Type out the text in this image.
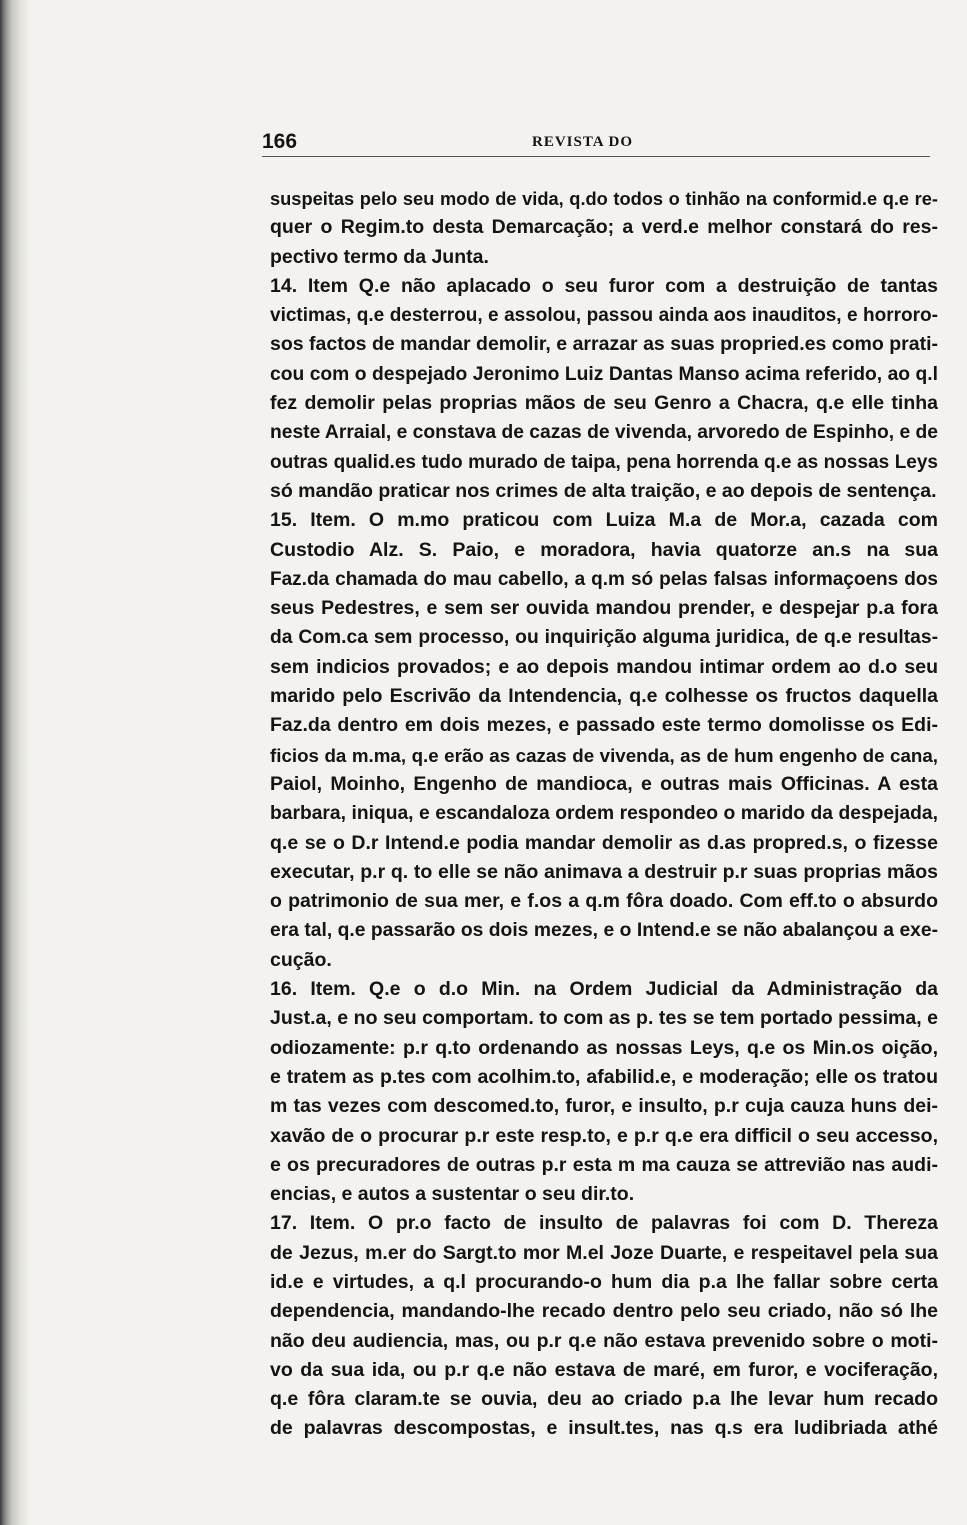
166	REVISTA DO
suspeitas pelo seu modo de vida, q.do todos o tinhão na conformid.e q.e re-
quer o Regim.to desta Demarcação; a verd.e melhor constará do res-
pectivo termo da Junta.
14. Item Q.e não aplacado o seu furor com a destruição de tantas
victimas, q.e desterrou, e assolou, passou ainda aos inauditos, e horroro-
sos factos de mandar demolir, e arrazar as suas propried.es como prati-
cou com o despejado Jeronimo Luiz Dantas Manso acima referido, ao q.l
fez demolir pelas proprias mãos de seu Genro a Chacra, q.e elle tinha
neste Arraial, e constava de cazas de vivenda, arvoredo de Espinho, e de
outras qualid.es tudo murado de taipa, pena horrenda q.e as nossas Leys
só mandão praticar nos crimes de alta traição, e ao depois de sentença.
15. Item. O m.mo praticou com Luiza M.a de Mor.a, cazada com
Custodio Alz. S. Paio, e moradora, havia quatorze an.s na sua
Faz.da chamada do mau cabello, a q.m só pelas falsas informaçoens dos
seus Pedestres, e sem ser ouvida mandou prender, e despejar p.a fora
da Com.ca sem processo, ou inquirição alguma juridica, de q.e resultas-
sem indicios provados; e ao depois mandou intimar ordem ao d.o seu
marido pelo Escrivão da Intendencia, q.e colhesse os fructos daquella
Faz.da dentro em dois mezes, e passado este termo domolisse os Edi-
ficios da m.ma, q.e erão as cazas de vivenda, as de hum engenho de cana,
Paiol, Moinho, Engenho de mandioca, e outras mais Officinas. A esta
barbara, iniqua, e escandaloza ordem respondeo o marido da despejada,
q.e se o D.r Intend.e podia mandar demolir as d.as propred.s, o fizesse
executar, p.r q. to elle se não animava a destruir p.r suas proprias mãos
o patrimonio de sua mer, e f.os a q.m fôra doado. Com eff.to o absurdo
era tal, q.e passarão os dois mezes, e o Intend.e se não abalançou a exe-
cução.
16. Item. Q.e o d.o Min. na Ordem Judicial da Administração da
Just.a, e no seu comportam. to com as p. tes se tem portado pessima, e
odiozamente: p.r q.to ordenando as nossas Leys, q.e os Min.os oição,
e tratem as p.tes com acolhim.to, afabilid.e, e moderação; elle os tratou
m tas vezes com descomed.to, furor, e insulto, p.r cuja cauza huns dei-
xavão de o procurar p.r este resp.to, e p.r q.e era difficil o seu accesso,
e os precuradores de outras p.r esta m ma cauza se attrevião nas audi-
encias, e autos a sustentar o seu dir.to.
17. Item. O pr.o facto de insulto de palavras foi com D. Thereza
de Jezus, m.er do Sargt.to mor M.el Joze Duarte, e respeitavel pela sua
id.e e virtudes, a q.l procurando-o hum dia p.a lhe fallar sobre certa
dependencia, mandando-lhe recado dentro pelo seu criado, não só lhe
não deu audiencia, mas, ou p.r q.e não estava prevenido sobre o moti-
vo da sua ida, ou p.r q.e não estava de maré, em furor, e vociferação,
q.e fôra claram.te se ouvia, deu ao criado p.a lhe levar hum recado
de palavras descompostas, e insult.tes, nas q.s era ludibriada athé
